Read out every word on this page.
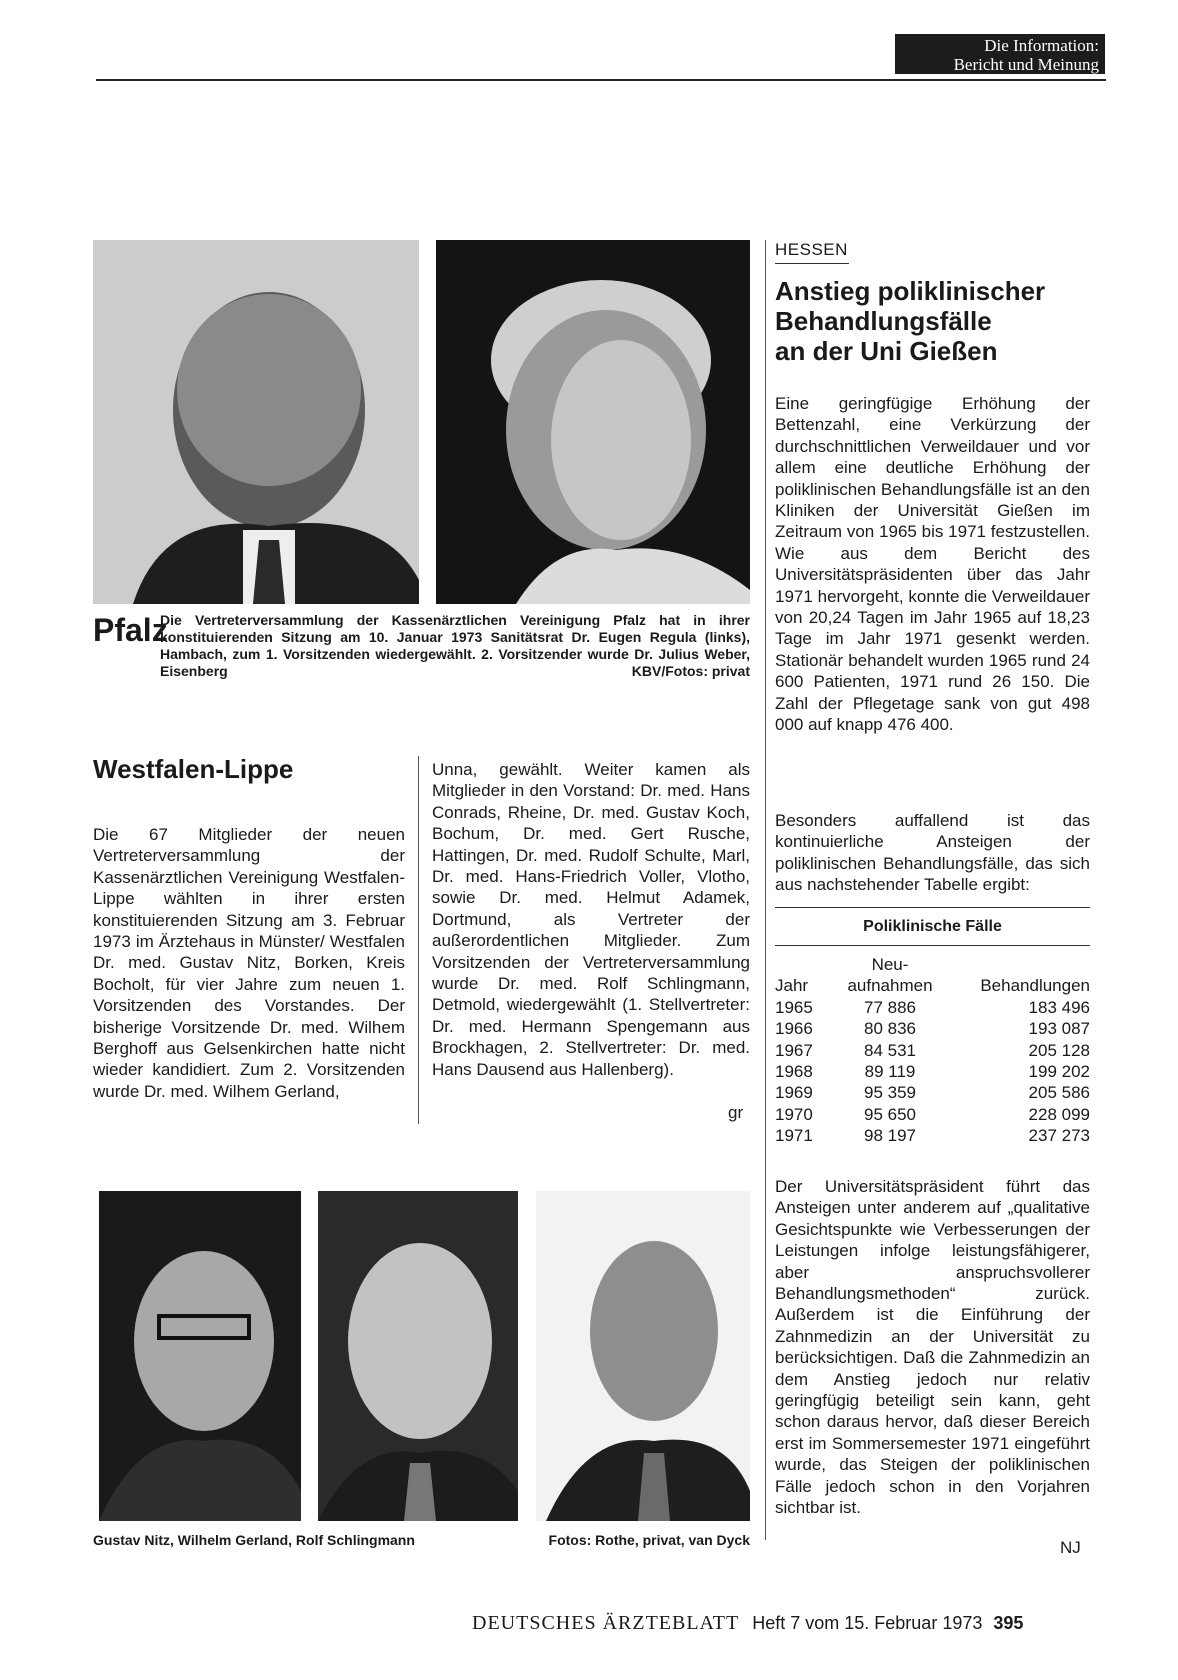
Die Information:
Bericht und Meinung
Pfalz
Die Vertreterversammlung der Kassenärztlichen Vereinigung Pfalz hat in ihrer konstituierenden Sitzung am 10. Januar 1973 Sanitätsrat Dr. Eugen Regula (links), Hambach, zum 1. Vorsitzenden wiedergewählt. 2. Vorsitzender wurde Dr. Julius Weber, Eisenberg	KBV/Fotos: privat
Westfalen-Lippe
Die 67 Mitglieder der neuen Vertreterversammlung der Kassenärztlichen Vereinigung Westfalen-Lippe wählten in ihrer ersten konstituierenden Sitzung am 3. Februar 1973 im Ärztehaus in Münster/ Westfalen Dr. med. Gustav Nitz, Borken, Kreis Bocholt, für vier Jahre zum neuen 1. Vorsitzenden des Vorstandes. Der bisherige Vorsitzende Dr. med. Wilhem Berghoff aus Gelsenkirchen hatte nicht wieder kandidiert. Zum 2. Vorsitzenden wurde Dr. med. Wilhem Gerland,
Unna, gewählt. Weiter kamen als Mitglieder in den Vorstand: Dr. med. Hans Conrads, Rheine, Dr. med. Gustav Koch, Bochum, Dr. med. Gert Rusche, Hattingen, Dr. med. Rudolf Schulte, Marl, Dr. med. Hans-Friedrich Voller, Vlotho, sowie Dr. med. Helmut Adamek, Dortmund, als Vertreter der außerordentlichen Mitglieder. Zum Vorsitzenden der Vertreterversammlung wurde Dr. med. Rolf Schlingmann, Detmold, wiedergewählt (1. Stellvertreter: Dr. med. Hermann Spengemann aus Brockhagen, 2. Stellvertreter: Dr. med. Hans Dausend aus Hallenberg).
gr
Gustav Nitz, Wilhelm Gerland, Rolf Schlingmann	Fotos: Rothe, privat, van Dyck
HESSEN
Anstieg poliklinischer
Behandlungsfälle
an der Uni Gießen
Eine geringfügige Erhöhung der Bettenzahl, eine Verkürzung der durchschnittlichen Verweildauer und vor allem eine deutliche Erhöhung der poliklinischen Behandlungsfälle ist an den Kliniken der Universität Gießen im Zeitraum von 1965 bis 1971 festzustellen. Wie aus dem Bericht des Universitätspräsidenten über das Jahr 1971 hervorgeht, konnte die Verweildauer von 20,24 Tagen im Jahr 1965 auf 18,23 Tage im Jahr 1971 gesenkt werden. Stationär behandelt wurden 1965 rund 24 600 Patienten, 1971 rund 26 150. Die Zahl der Pflegetage sank von gut 498 000 auf knapp 476 400.
Besonders auffallend ist das kontinuierliche Ansteigen der poliklinischen Behandlungsfälle, das sich aus nachstehender Tabelle ergibt:
Poliklinische Fälle
	Neu-	
Jahr	aufnahmen	Behandlungen
1965	77 886	183 496
1966	80 836	193 087
1967	84 531	205 128
1968	89 119	199 202
1969	95 359	205 586
1970	95 650	228 099
1971	98 197	237 273
Der Universitätspräsident führt das Ansteigen unter anderem auf „qualitative Gesichtspunkte wie Verbesserungen der Leistungen infolge leistungsfähigerer, aber anspruchsvollerer Behandlungsmethoden“ zurück. Außerdem ist die Einführung der Zahnmedizin an der Universität zu berücksichtigen. Daß die Zahnmedizin an dem Anstieg jedoch nur relativ geringfügig beteiligt sein kann, geht schon daraus hervor, daß dieser Bereich erst im Sommersemester 1971 eingeführt wurde, das Steigen der poliklinischen Fälle jedoch schon in den Vorjahren sichtbar ist.
NJ
DEUTSCHES ÄRZTEBLATT Heft 7 vom 15. Februar 1973 395
